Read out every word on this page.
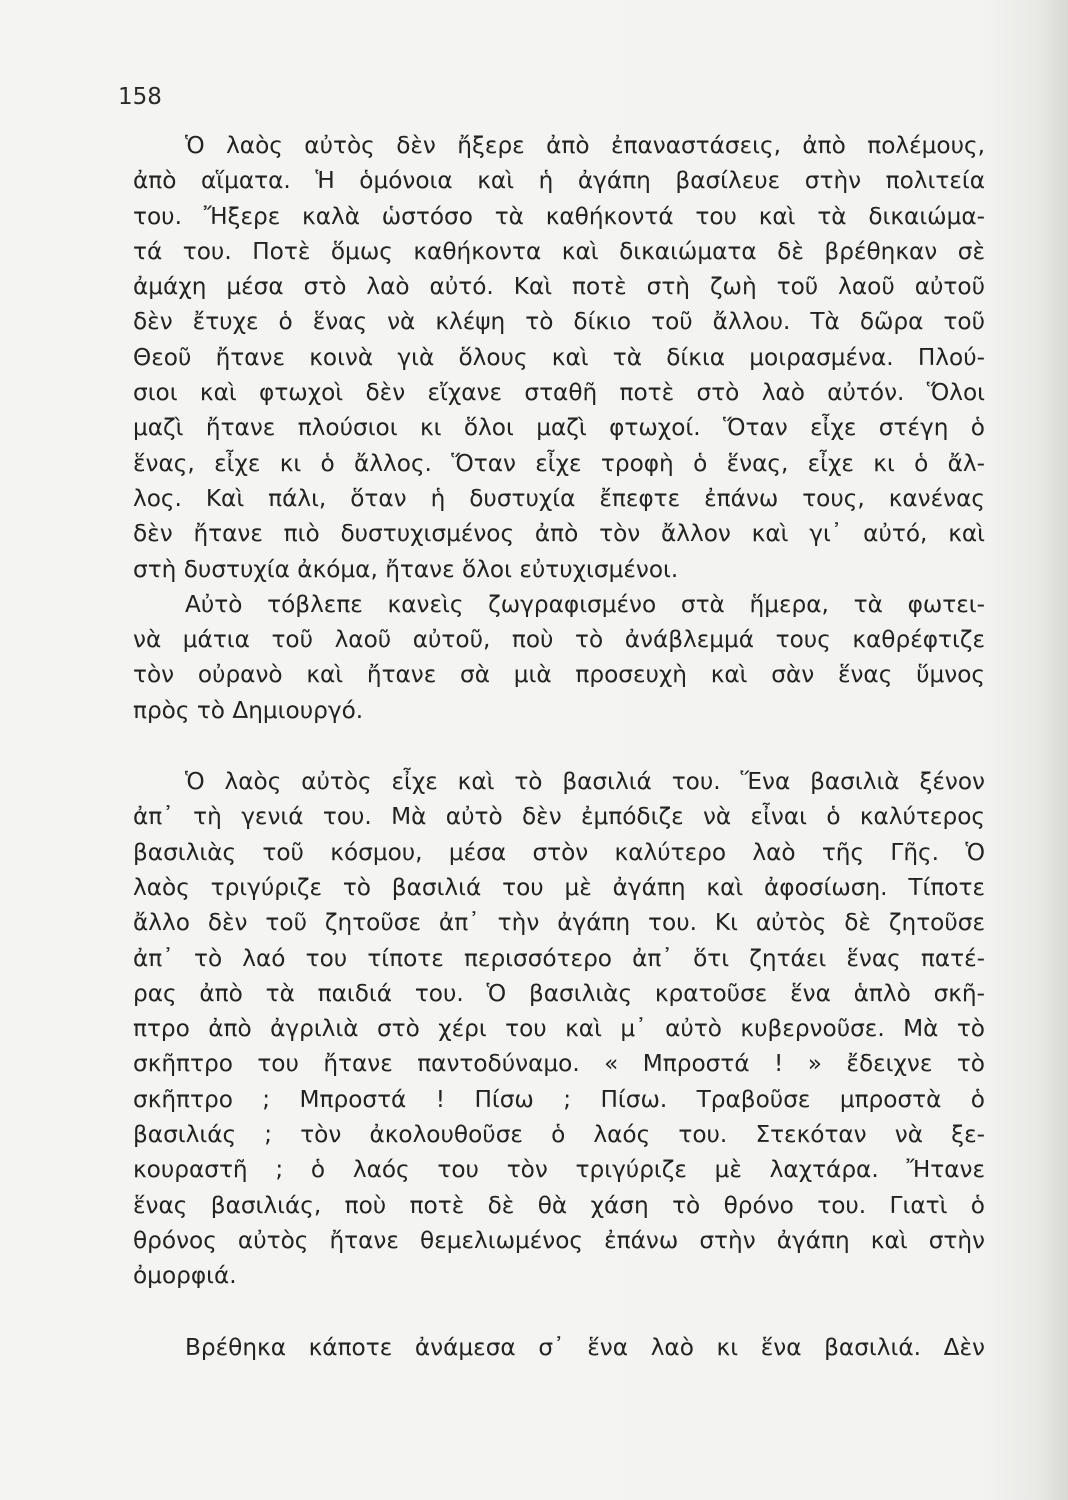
158
Ὁ λαὸς αὐτὸς δὲν ἤξερε ἀπὸ ἐπαναστάσεις, ἀπὸ πολέμους,
ἀπὸ αἵματα. Ἡ ὁμόνοια καὶ ἡ ἀγάπη βασίλευε στὴν πολιτεία
του. Ἤξερε καλὰ ὡστόσο τὰ καθήκοντά του καὶ τὰ δικαιώμα-
τά του. Ποτὲ ὅμως καθήκοντα καὶ δικαιώματα δὲ βρέθηκαν σὲ
ἀμάχη μέσα στὸ λαὸ αὐτό. Καὶ ποτὲ στὴ ζωὴ τοῦ λαοῦ αὐτοῦ
δὲν ἔτυχε ὁ ἕνας νὰ κλέψη τὸ δίκιο τοῦ ἄλλου. Τὰ δῶρα τοῦ
Θεοῦ ἤτανε κοινὰ γιὰ ὅλους καὶ τὰ δίκια μοιρασμένα. Πλού-
σιοι καὶ φτωχοὶ δὲν εἴχανε σταθῆ ποτὲ στὸ λαὸ αὐτόν. Ὅλοι
μαζὶ ἤτανε πλούσιοι κι ὅλοι μαζὶ φτωχοί. Ὅταν εἶχε στέγη ὁ
ἕνας, εἶχε κι ὁ ἄλλος. Ὅταν εἶχε τροφὴ ὁ ἕνας, εἶχε κι ὁ ἄλ-
λος. Καὶ πάλι, ὅταν ἡ δυστυχία ἔπεφτε ἐπάνω τους, κανένας
δὲν ἤτανε πιὸ δυστυχισμένος ἀπὸ τὸν ἄλλον καὶ γι᾿ αὐτό, καὶ
στὴ δυστυχία ἀκόμα, ἤτανε ὅλοι εὐτυχισμένοι.
Αὐτὸ τόβλεπε κανεὶς ζωγραφισμένο στὰ ἥμερα, τὰ φωτει-
νὰ μάτια τοῦ λαοῦ αὐτοῦ, ποὺ τὸ ἀνάβλεμμά τους καθρέφτιζε
τὸν οὐρανὸ καὶ ἤτανε σὰ μιὰ προσευχὴ καὶ σὰν ἕνας ὕμνος
πρὸς τὸ Δημιουργό.
Ὁ λαὸς αὐτὸς εἶχε καὶ τὸ βασιλιά του. Ἕνα βασιλιὰ ξένον
ἀπ᾿ τὴ γενιά του. Μὰ αὐτὸ δὲν ἐμπόδιζε νὰ εἶναι ὁ καλύτερος
βασιλιὰς τοῦ κόσμου, μέσα στὸν καλύτερο λαὸ τῆς Γῆς. Ὁ
λαὸς τριγύριζε τὸ βασιλιά του μὲ ἀγάπη καὶ ἀφοσίωση. Τίποτε
ἄλλο δὲν τοῦ ζητοῦσε ἀπ᾿ τὴν ἀγάπη του. Κι αὐτὸς δὲ ζητοῦσε
ἀπ᾿ τὸ λαό του τίποτε περισσότερο ἀπ᾿ ὅτι ζητάει ἕνας πατέ-
ρας ἀπὸ τὰ παιδιά του. Ὁ βασιλιὰς κρατοῦσε ἕνα ἁπλὸ σκῆ-
πτρο ἀπὸ ἀγριλιὰ στὸ χέρι του καὶ μ᾿ αὐτὸ κυβερνοῦσε. Μὰ τὸ
σκῆπτρο του ἤτανε παντοδύναμο. « Μπροστά ! » ἔδειχνε τὸ
σκῆπτρο ; Μπροστά ! Πίσω ; Πίσω. Τραβοῦσε μπροστὰ ὁ
βασιλιάς ; τὸν ἀκολουθοῦσε ὁ λαός του. Στεκόταν νὰ ξε-
κουραστῆ ; ὁ λαός του τὸν τριγύριζε μὲ λαχτάρα. Ἤτανε
ἕνας βασιλιάς, ποὺ ποτὲ δὲ θὰ χάση τὸ θρόνο του. Γιατὶ ὁ
θρόνος αὐτὸς ἤτανε θεμελιωμένος ἐπάνω στὴν ἀγάπη καὶ στὴν
ὀμορφιά.
Βρέθηκα κάποτε ἀνάμεσα σ᾿ ἕνα λαὸ κι ἕνα βασιλιά. Δὲν
